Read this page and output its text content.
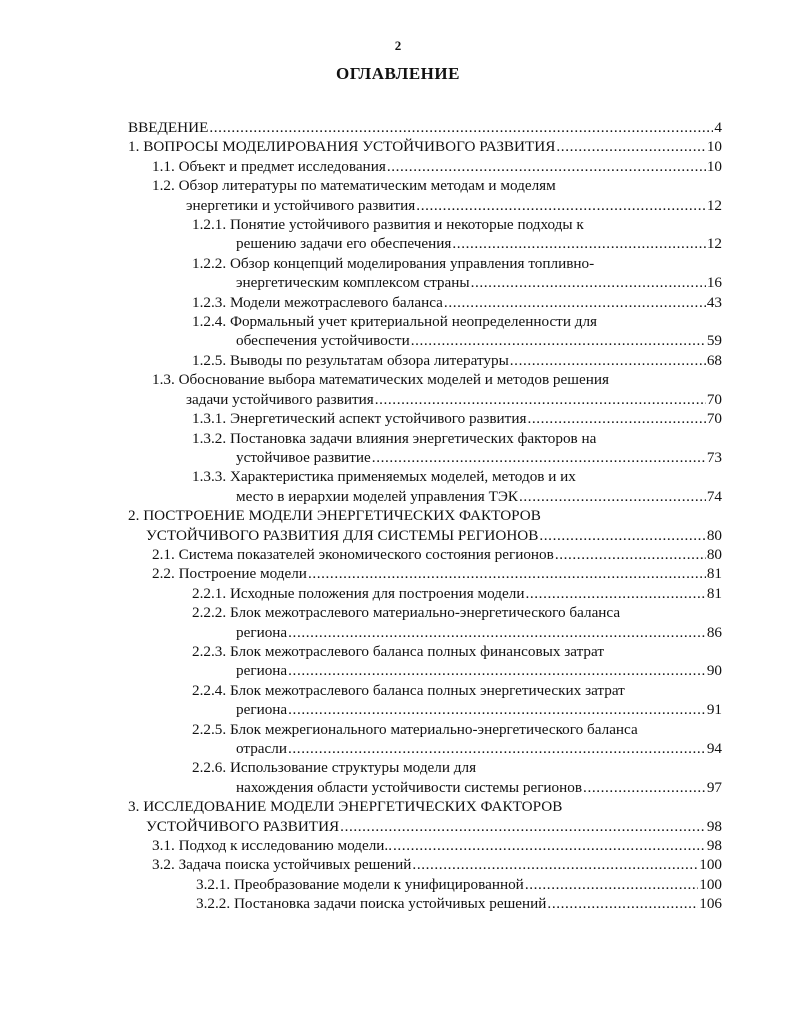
2
ОГЛАВЛЕНИЕ
ВВЕДЕНИЕ .....	4
1. ВОПРОСЫ МОДЕЛИРОВАНИЯ УСТОЙЧИВОГО РАЗВИТИЯ .....	10
1.1. Объект и предмет исследования .....	10
1.2. Обзор литературы по математическим методам и моделям
энергетики и устойчивого развития .....	12
1.2.1. Понятие устойчивого развития и некоторые подходы к
решению задачи его обеспечения .....	12
1.2.2. Обзор концепций моделирования управления топливно-
энергетическим комплексом страны .....	16
1.2.3. Модели межотраслевого баланса .....	43
1.2.4. Формальный учет критериальной неопределенности для
обеспечения устойчивости .....	59
1.2.5. Выводы по результатам обзора литературы .....	68
1.3. Обоснование выбора математических моделей и методов решения
задачи устойчивого развития .....	70
1.3.1. Энергетический аспект устойчивого развития .....	70
1.3.2. Постановка задачи влияния энергетических факторов на
устойчивое развитие .....	73
1.3.3. Характеристика применяемых моделей, методов и их
место в иерархии моделей управления ТЭК .....	74
2. ПОСТРОЕНИЕ МОДЕЛИ ЭНЕРГЕТИЧЕСКИХ ФАКТОРОВ
УСТОЙЧИВОГО РАЗВИТИЯ ДЛЯ СИСТЕМЫ РЕГИОНОВ .....	80
2.1. Система показателей экономического состояния регионов .....	80
2.2. Построение модели .....	81
2.2.1. Исходные положения для построения модели .....	81
2.2.2. Блок межотраслевого материально-энергетического баланса
региона .....	86
2.2.3. Блок межотраслевого баланса полных финансовых затрат
региона .....	90
2.2.4. Блок межотраслевого баланса полных энергетических затрат
региона .....	91
2.2.5. Блок межрегионального материально-энергетического баланса
отрасли .....	94
2.2.6. Использование структуры модели для
нахождения области устойчивости системы регионов .....	97
3. ИССЛЕДОВАНИЕ МОДЕЛИ ЭНЕРГЕТИЧЕСКИХ ФАКТОРОВ
УСТОЙЧИВОГО РАЗВИТИЯ .....	98
3.1. Подход к исследованию модели.. .....	98
3.2. Задача поиска устойчивых решений .....	100
3.2.1. Преобразование модели к унифицированной .....	100
3.2.2. Постановка задачи поиска устойчивых решений .....	106
